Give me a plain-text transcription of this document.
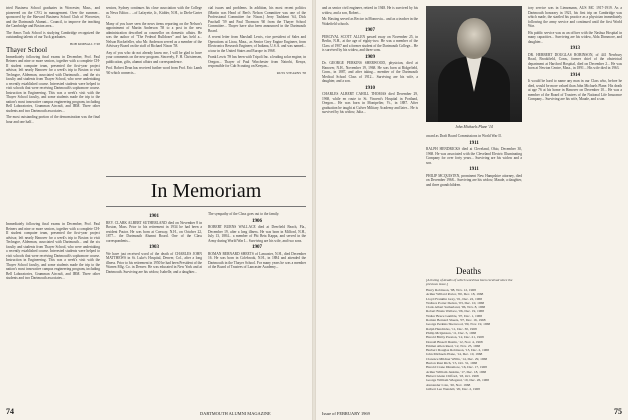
tried Business School graduates in Worcester, Mass., and pioneered on the CVG in management. Over the summer... sponsored by the Harvard Business School Club of Worcester, and the Dartmouth Alumni... Council, to improve the teaching the Cambridge and Boston area...

The Amos Tuck School is studying Cambridge recognized the outstanding talents of our Tuck graduates.

BOB KIMBALL T'48
Thayer School

Immediately following final exams in December, Prof. Paul Reiners and nine or more seniors, together with a complete CH-II student computer team, presented the first-year project advisor, left nearly Hanover for a week's trip to Boston to visit Techngoe, Alderman, associated with Dartmouth... and the six faculty and students from Thayer School, who were undertaking a recently established course. Interested students were helped to visit schools that were receiving Dartmouth's sophomore course. Instruction in Engineering. This was a week's visit with the Thayer School faculty, and some students made the trip to the nation's most innovative campus engineering program, including Bell Laboratories, Grumman Aircraft, and IBM. Three other students and two Dartmouth associates...

The most outstanding portion of the demonstration was the final hour and one half...

seniors, Sydney continues his close association with the College as News Editor... ...of Lafayette, Jr., Kidder, N.H., to Diehr-Carter Co.

Many of you have seen the news items reporting on the Nelson's appointment of Martin Anderson '58 to a post in the new administration described as counsellor on domestic affairs. He was the author of "The Federal Bulldozer" and has held a... Nelson Rockefeller, who Mr. Anderson served as a member of the Advisory Board on the staff of Richard Nixon '58.

Any of you who do not already know me, I will be glad to have your comments on the new program. Sincerely, F. H. Christensen, publication, gifts, alumni affairs and correspondence.

Prof. Robert Dean has received further word from Prof. Eric Lamb '60 which connects...

cial issues and problems. In addition, his most recent politics (Martin was Head of Bert's Nelson Committee was one of the Professional Committee for Nixon.) Jerry Tashkent '64, Dick Paschall '59 and Paul Thomson '60 from the Thayer School Committee... Thayer have also been announced in the Dartmouth Board.

A recent letter from Marshall Lewis, vice president of Sales and Operations at Lirau, Mass., as Senior Grey Engine Engineer, from Electronics Research Engineer, of Indiana, U.S.A. and was named... a tour in the United States and Europe in 1968.

Frank Lewis '59 has been with Tripoli Inc. a leading solar engine, in Oregon... Thayer of Paul Winchester from Nairobi, Kenya, responsible for Cub Scouting on Kenyan...

RUSS STEARNS '38
In Memoriam
1901

REV. CLARK ALBERT SUTHERLAND died on November 8 in Boston, Mass. Prior to his retirement in 1934 he had been a resident Pastor. He was born at Conway, N.H., on October 22, 1877... the Dartmouth Alumni Board. One of the Class correspondents...

1903

We have just received word of the death of CHARLES JOHN MATTHEWS in St. Luke's Hospital, Denver, Col., after a long illness. Prior to his retirement in 1950 he had been President of the Warren Mfg. Co. in Denver. He was educated in New York and at Dartmouth. Surviving are his widow, Isabelle, and a daughter...

The sympathy of the Class goes out to the family.

1906

ROBERT BURNS WALLACE died at Deerfield Beach, Fla., December 19, after a long illness. He was born in Milford, N.H., July 13, 1884... a member of Phi Beta Kappa, and served in the Army during World War I... Surviving are his wife, and two sons.

1907

ROMAN BERNARD SHEETS of Lancaster, N.H., died December 16. He was born in Colebrook, N.H., in 1884 and attended the Dartmouth in the Thayer School. For many years he was a member of the Board of Trustees of Lancaster Academy...

Immediately following final exams in December, Prof. Paul Reiners and nine or more seniors, together with a complete CH-II student computer team, presented the first-year project advisor, left nearly Hanover for a week's trip to Boston to visit Techngoe, Alderman, associated with Dartmouth... and the six faculty and students from Thayer School, who were undertaking a recently established course. Interested students were helped to visit schools that were receiving Dartmouth's sophomore course. Instruction in Engineering. This was a week's visit with the Thayer School faculty, and some students made the trip to the nation's most innovative campus engineering program, including Bell Laboratories, Grumman Aircraft, and IBM. Three other students and two Dartmouth associates...

74	DARTMOUTH ALUMNI MAGAZINE

and as senior civil engineer, retired in 1948. He is survived by his widow, and a son, Robert...

Mr. Hasting served as Rector in Monrovia... and as a teacher in the Wakefield schools.

1907

PERCIVAL SCOTT ALLEN passed away on November 25, in Berlin, N.H., at the age of eighty-two. He was a member of the Class of 1907 and a former student of the Dartmouth College... He is survived by his widow, and three sons.

1909

Dr. GEORGE PERKINS SHERWOOD, physician, died at Hanover, N.H., November 19, 1968. He was born at Ridgefield, Conn., in 1887, and after taking... member of the Dartmouth Medical School Class of 1912... Surviving are his wife, a daughter, and a son.

1910

CHARLES ALBERT CAHILL THOMAS died December 29, 1968, while en route to St. Vincent's Hospital in Portland, Oregon... He was born in Montpelier, Vt., in 1887. After graduation he taught at Culver Military Academy and later... He is survived by his widow, Julia...

John Michaels Plane '14

award as Draft Board Commissions in World War II.

1911

RALPH HENDRICKS died at Cleveland, Ohio, December 30, 1968. He was associated with the Cleveland Electric Illuminating Company for over forty years... Surviving are his widow and a son.

1911

PHILIP MCQUISTEN, prominent New Hampshire attorney, died on December 1968... Surviving are his widow, Maude, a daughter, and three grandchildren.

Deaths
[A listing of deaths of which word has been received since the previous issue.]
Harry Robinson, '98, Nov. 12, 1968
Arthur Willard Porter, '00, Dec. 18, 1968
Lloyd Franklin Gray, '01, Dec. 22, 1968
Wallace Porter Dedon, '03, Dec. 10, 1968
Clark Albert Sutherland, '06, Nov. 8, 1968
Robert Bruns Wallace, '06, Dec. 19, 1968
Walter Bruce Gamble, '07, Dec. 1, 1968
Roman Bernard Sheets, '07, Dec. 16, 1968
George Perkins Sherwood, '09, Nov. 19, 1968
Ralph Hendricks, '11, Dec. 30, 1968
Philip McQuisten, '11, Dec. 5, 1968
Harold Bixby Preston, '12, Dec. 21, 1968
Donald Bissell Dustin, '12, Nov. 4, 1968
Emmet Allen Reed, '12, Nov. 25, 1968
Herbert Douglas Robinson, '13, Dec. 2, 1968
John Michaels Plane, '14, Dec. 10, 1968
Clarence Mildner Willis, '14, Dec. 29, 1968
Burton Rust Rich, '15, Oct. 31, 1968
Harold Crane Dinsmore, '16, Dec. 17, 1968
Arthur William Jenkins, '17, Dec. 18, 1968
Hubert Glenn Clifford, '18, Oct. 1968
George William Wiegand, '19, Dec. 26, 1968
Alexander Cole, '20, Nov. 1968
Gilbert Lee Wendell, '20, Dec. 2, 1968

tory service was in Lienzmann, AUS MC 1917-1919. As a Dartmouth honorary in 1921, his first trip on Cambridge was which made, the startled his practice as a physician immediately following the army service and continued until the first World War.

His public service was as an officer with the Nashua Hospital in many capacities... Surviving are his widow, Alda Dinsmore, and daughter...

1913

DR. HERBERT DOUGLAS ROBINSON, of 441 Newbury Road, Brookfield, Conn., former chief of the obstetrical department at Hartford Hospital, died on December 2... He was born at Newton Centre, Mass., in 1891... His wife died in 1963.

1914

It would be hard to name any man in our Class who, before he died, would be more valued than John Michaels Plane. His death at age 76 at his home in Hanover on December 10... He was a member of the Board of Trustees of the National Life Insurance Company... Surviving are his wife, Maude, and a son.

Issue of FEBRUARY 1969	75
